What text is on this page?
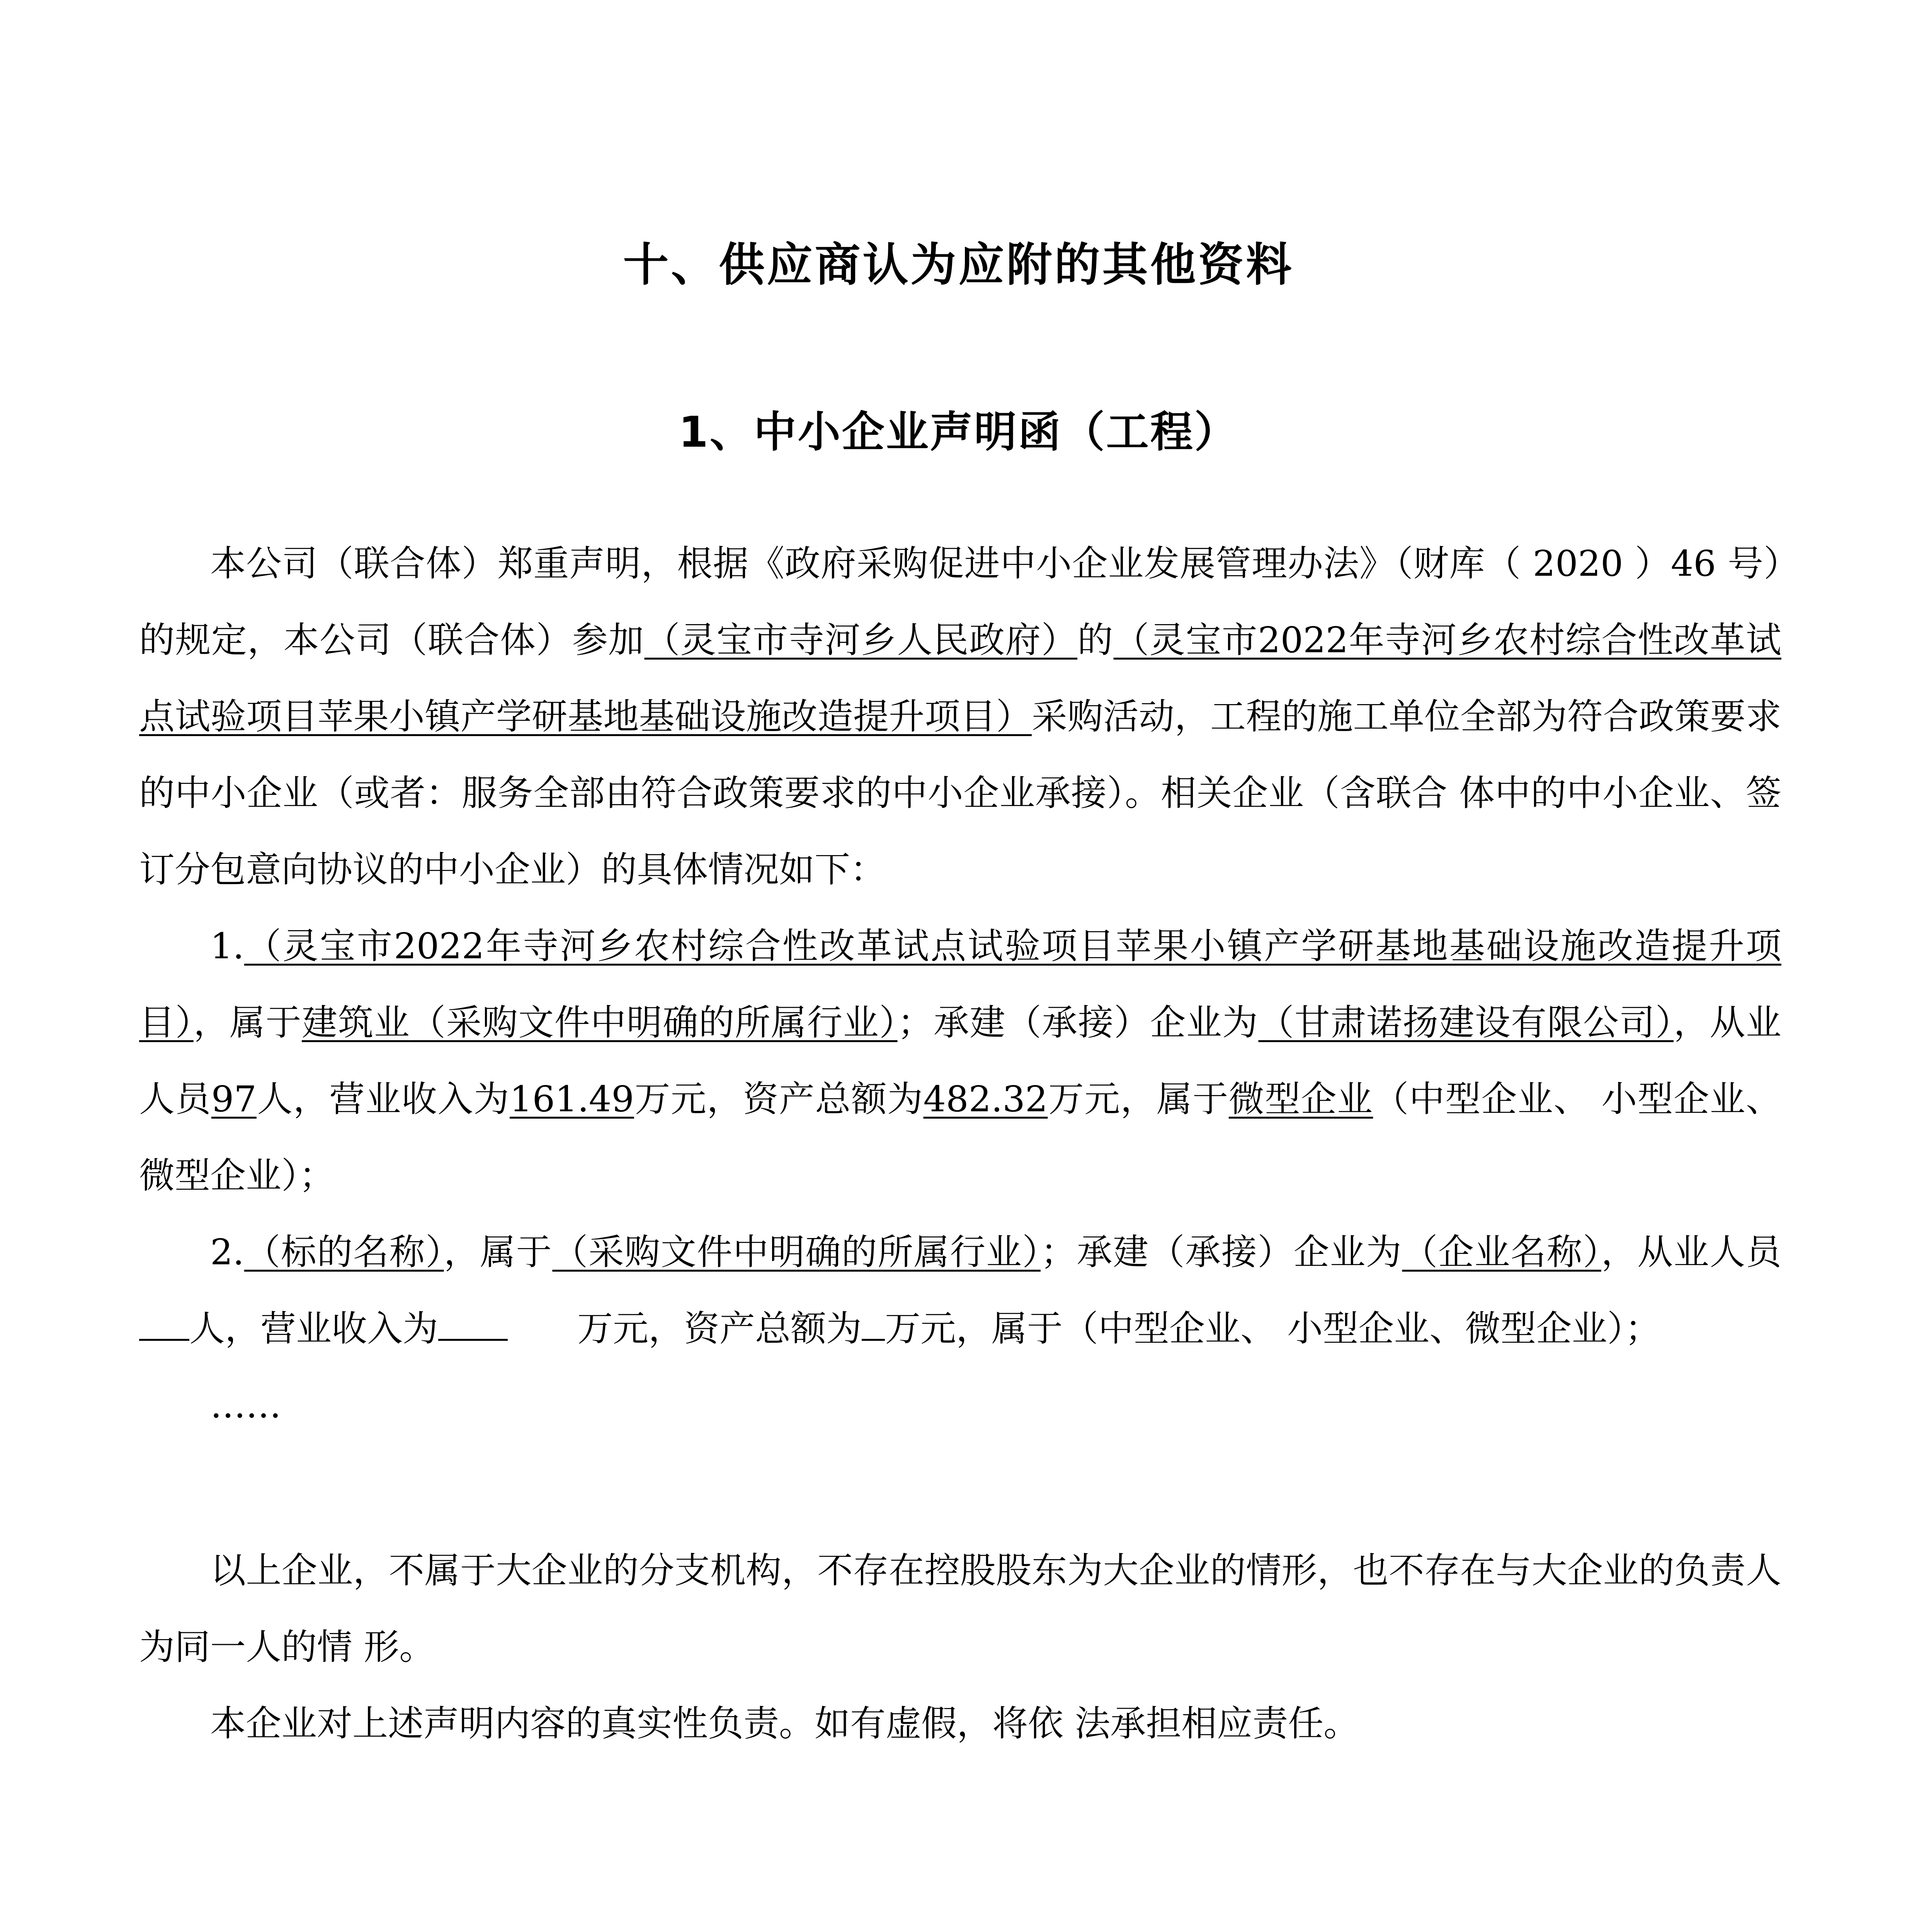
十、供应商认为应附的其他资料
1、中小企业声明函（工程）

本公司（联合体）郑重声明，根据《政府采购促进中小企业发展管理办法》（财库（ 2020 ）46 号）的规定，本公司（联合体）参加（灵宝市寺河乡人民政府）的（灵宝市2022年寺河乡农村综合性改革试点试验项目苹果小镇产学研基地基础设施改造提升项目）采购活动，工程的施工单位全部为符合政策要求的中小企业（或者：服务全部由符合政策要求的中小企业承接）。相关企业（含联合 体中的中小企业、签订分包意向协议的中小企业）的具体情况如下：

1.（灵宝市2022年寺河乡农村综合性改革试点试验项目苹果小镇产学研基地基础设施改造提升项目），属于建筑业（采购文件中明确的所属行业）；承建（承接）企业为（甘肃诺扬建设有限公司），从业人员97人，营业收入为161.49万元，资产总额为482.32万元，属于微型企业（中型企业、 小型企业、微型企业）；

2.（标的名称），属于（采购文件中明确的所属行业）；承建（承接）企业为（企业名称），从业人员人，营业收入为	万元，资产总额为 万元，属于（中型企业、 小型企业、微型企业）；

……

以上企业，不属于大企业的分支机构，不存在控股股东为大企业的情形，也不存在与大企业的负责人为同一人的情 形。

本企业对上述声明内容的真实性负责。如有虚假，将依 法承担相应责任。
